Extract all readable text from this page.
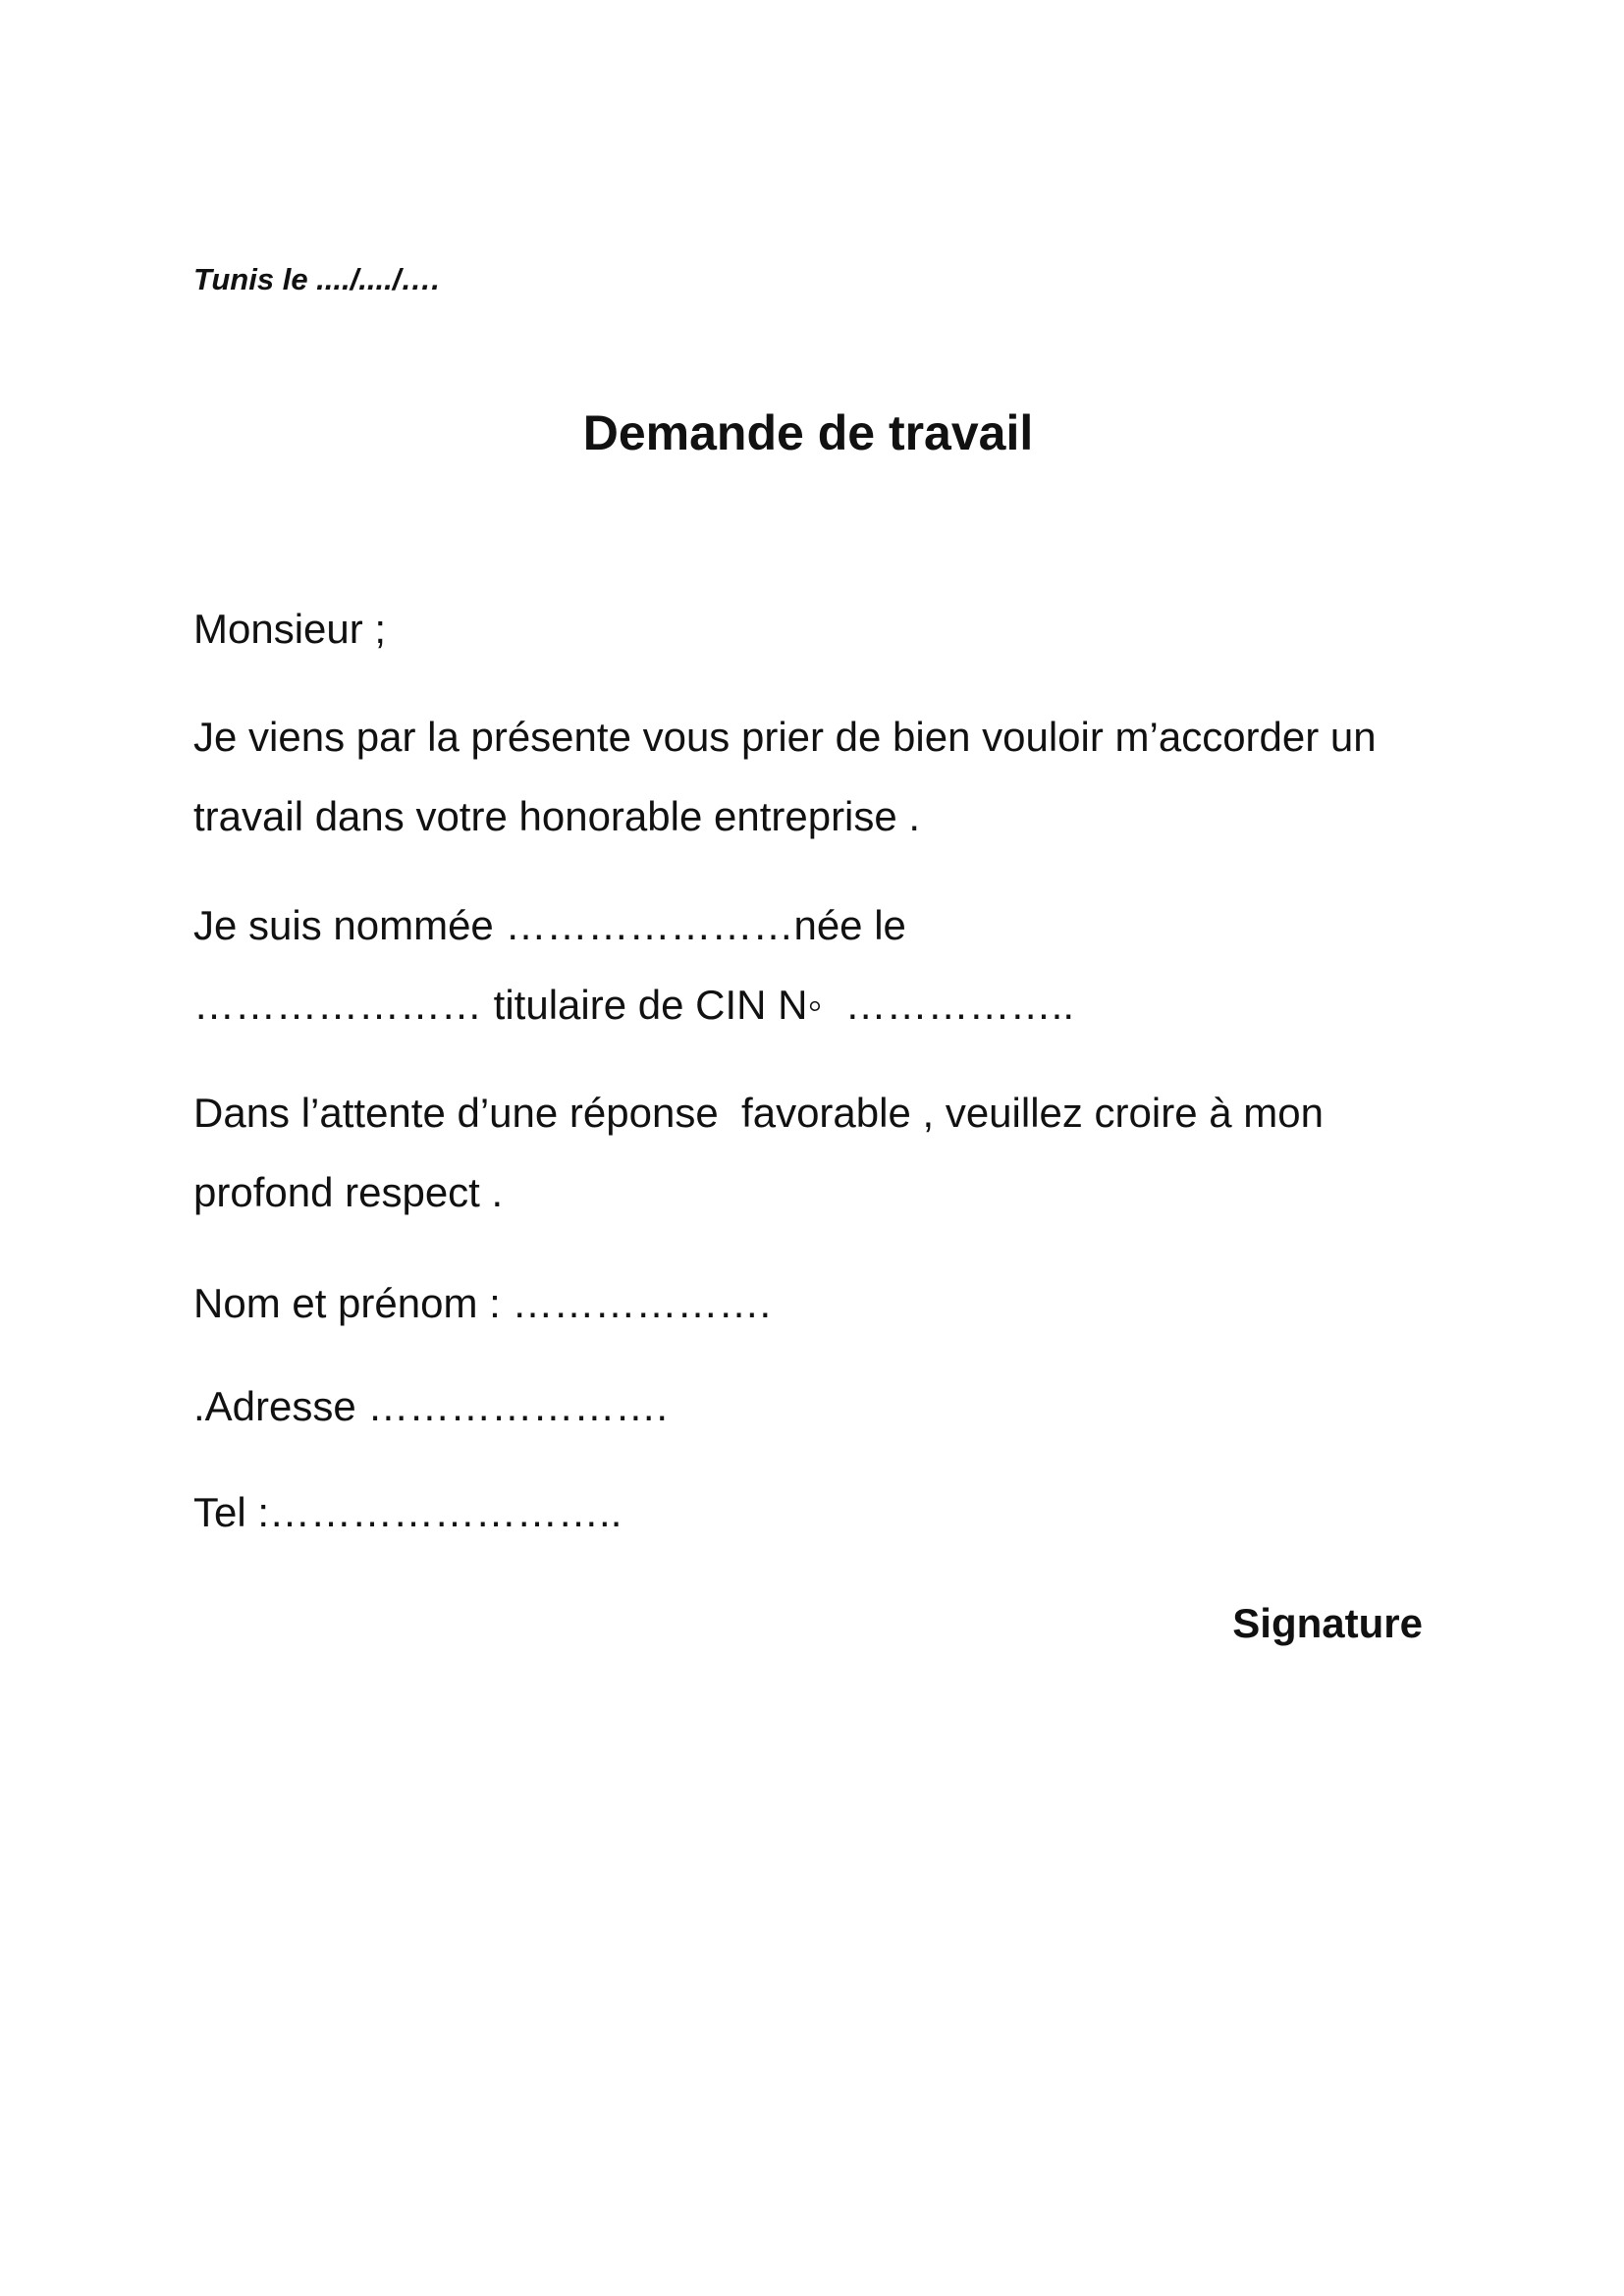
Tunis le ..../..../….
Demande de travail
Monsieur ;
Je viens par la présente vous prier de bien vouloir m’accorder un
travail dans votre honorable entreprise .
Je suis nommée …………………née le
………………… titulaire de CIN N◦  ……………..
Dans l’attente d’une réponse  favorable , veuillez croire à mon
profond respect .
Nom et prénom : ……………….
.Adresse ………………….
Tel :……………………..
Signature
